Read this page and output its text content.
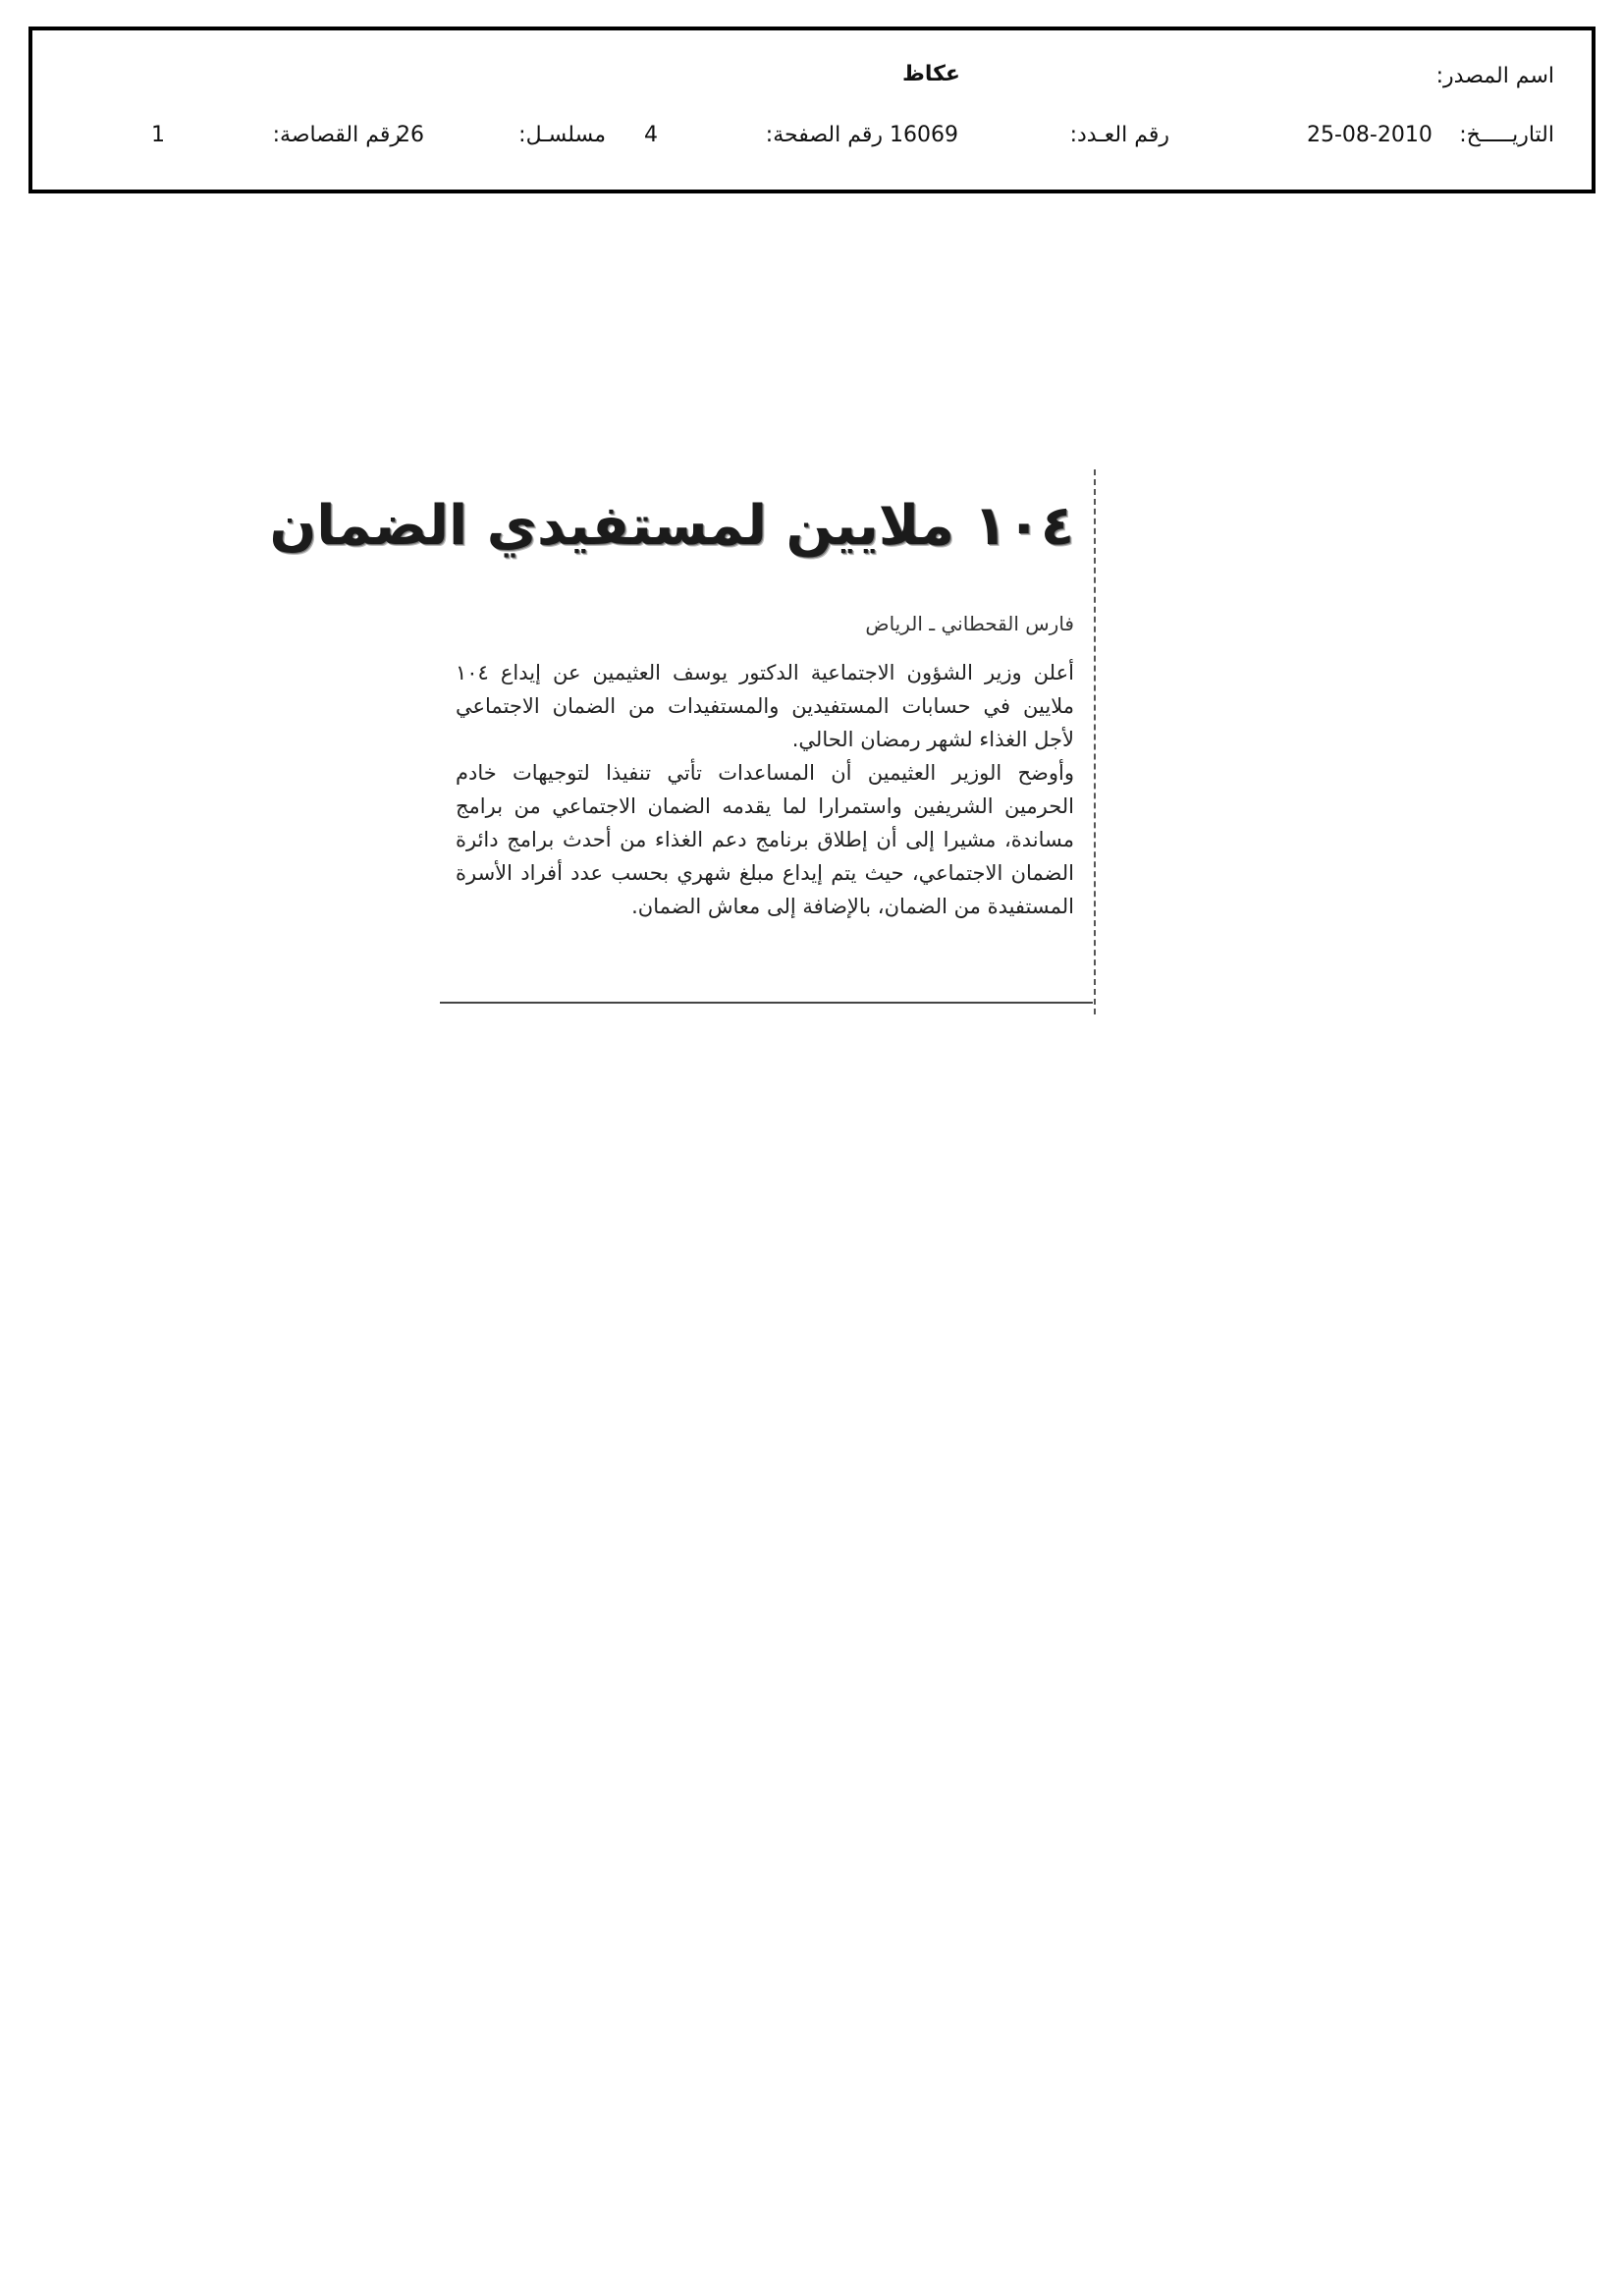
اسم المصدر:
عكاظ
التاريـــــخ:
25-08-2010
رقم العـدد:
16069
رقم الصفحة:
4
مسلسـل:
26
رقم القصاصة:
1
١٠٤ ملايين لمستفيدي الضمان
فارس القحطاني ـ الرياض

أعلن وزير الشؤون الاجتماعية الدكتور يوسف العثيمين عن إيداع ١٠٤ ملايين في حسابات المستفيدين والمستفيدات من الضمان الاجتماعي لأجل الغذاء لشهر رمضان الحالي.

وأوضح الوزير العثيمين أن المساعدات تأتي تنفيذا لتوجيهات خادم الحرمين الشريفين واستمرارا لما يقدمه الضمان الاجتماعي من برامج مساندة، مشيرا إلى أن إطلاق برنامج دعم الغذاء من أحدث برامج دائرة الضمان الاجتماعي، حيث يتم إيداع مبلغ شهري بحسب عدد أفراد الأسرة المستفيدة من الضمان، بالإضافة إلى معاش الضمان.
